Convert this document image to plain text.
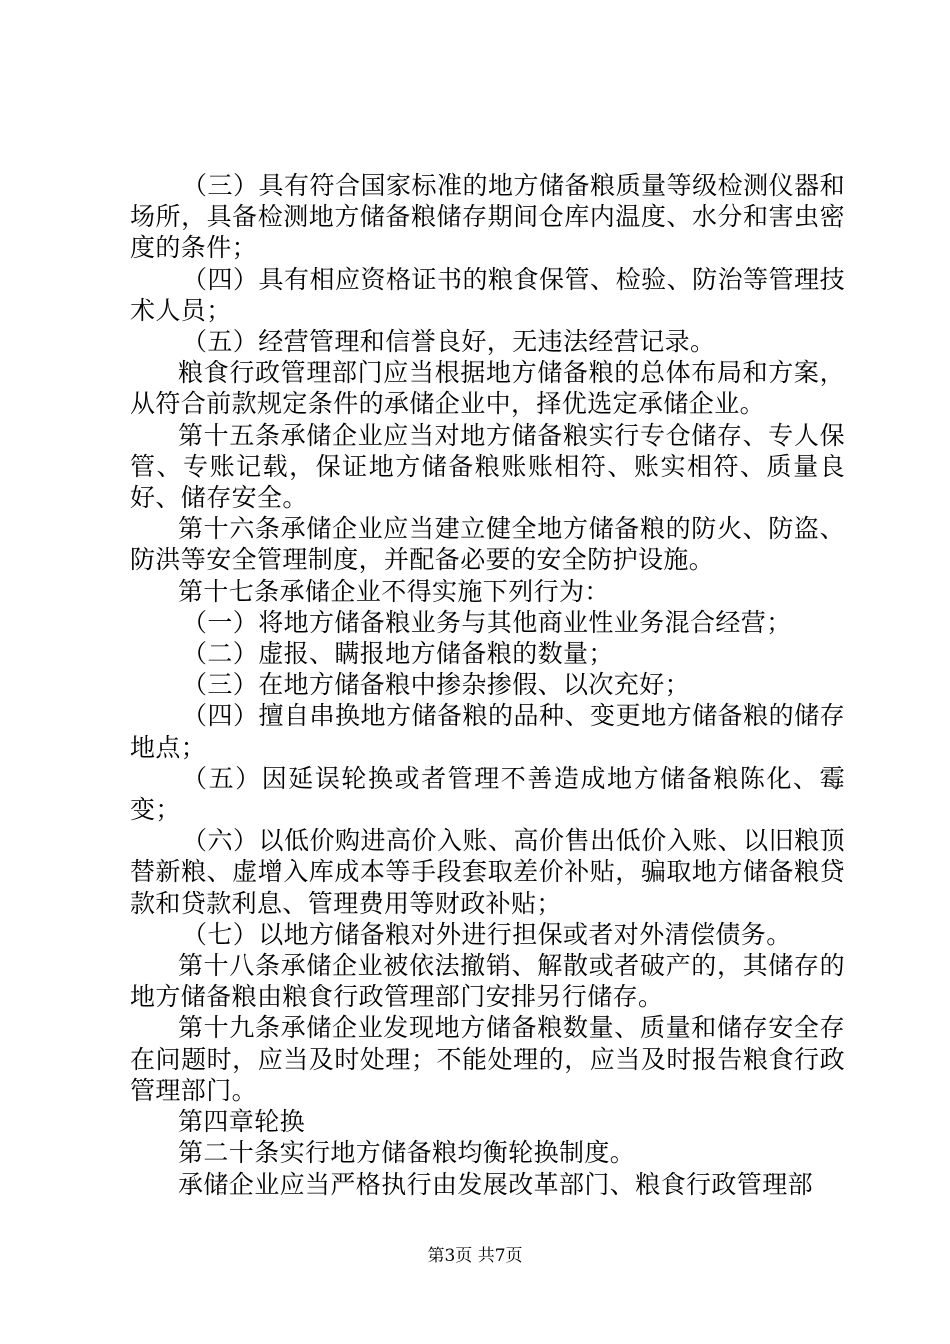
（三）具有符合国家标准的地方储备粮质量等级检测仪器和场所，具备检测地方储备粮储存期间仓库内温度、水分和害虫密度的条件；

（四）具有相应资格证书的粮食保管、检验、防治等管理技术人员；

（五）经营管理和信誉良好，无违法经营记录。

粮食行政管理部门应当根据地方储备粮的总体布局和方案，从符合前款规定条件的承储企业中，择优选定承储企业。

第十五条承储企业应当对地方储备粮实行专仓储存、专人保管、专账记载，保证地方储备粮账账相符、账实相符、质量良好、储存安全。

第十六条承储企业应当建立健全地方储备粮的防火、防盗、防洪等安全管理制度，并配备必要的安全防护设施。

第十七条承储企业不得实施下列行为：

（一）将地方储备粮业务与其他商业性业务混合经营；

（二）虚报、瞒报地方储备粮的数量；

（三）在地方储备粮中掺杂掺假、以次充好；

（四）擅自串换地方储备粮的品种、变更地方储备粮的储存地点；

（五）因延误轮换或者管理不善造成地方储备粮陈化、霉变；

（六）以低价购进高价入账、高价售出低价入账、以旧粮顶替新粮、虚增入库成本等手段套取差价补贴，骗取地方储备粮贷款和贷款利息、管理费用等财政补贴；

（七）以地方储备粮对外进行担保或者对外清偿债务。

第十八条承储企业被依法撤销、解散或者破产的，其储存的地方储备粮由粮食行政管理部门安排另行储存。

第十九条承储企业发现地方储备粮数量、质量和储存安全存在问题时，应当及时处理；不能处理的，应当及时报告粮食行政管理部门。

第四章轮换

第二十条实行地方储备粮均衡轮换制度。

承储企业应当严格执行由发展改革部门、粮食行政管理部

第3页 共7页
